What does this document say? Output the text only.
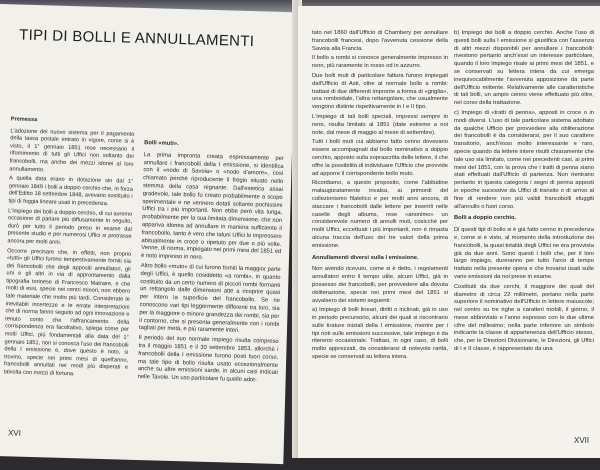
TIPI DI BOLLI E ANNULLAMENTI

Premessa

L'adozione del nuovo sistema per il pagamento della tassa postale entrato in vigore, come si è visto, il 1° gennaio 1851 rese necessario il rifornimento di tutti gli Uffici non soltanto dei francobolli, ma anche dei mezzi idonei al loro annullamento.

A quella data erano in dotazione sin dal 1° gennaio 1849 i bolli a doppio cerchio che, in forza dell'Editto 18 settembre 1848, avevano sostituito i tipi di foggia lineare usati in precedenza.

L'impiego dei bolli a doppio cerchio, di cui avremo occasione di parlare più diffusamente in seguito, durò per tutto il periodo preso in esame dal presente studio e per numerosi Uffici si protrasse ancora per molti anni.

Occorre precisare che, in effetti, non proprio «tutti» gli Uffici furono tempestivamente forniti sia dei francobolli che degli appositi annullatori, gli uni e gli altri in via di approntamento dalla tipografia torinese di Francesco Matraire, e che molti di essi, specie nei centri minori, non ebbero tale materiale che molto più tardi. Considerate le inevitabili incertezze e le errate interpretazioni che di norma fanno seguito ad ogni innovazione e tenuto conto che l'affrancamento della corrispondenza era facoltativo, spiega come per molti Uffici, più fondamentali alla data del 1° gennaio 1851, non si conosca l'uso dei francobolli della I emissione e, dove questo è noto, si trovino, specie nei primi mesi di quell'anno, francobolli annullati nei modi più disperati e talvolta con mezzi di fortuna.

Bolli «muti».

La prima impronta creata espressamente per annullare i francobolli della I emissione, si identifica con il «nodo di Savoia» o «nodo d'amore», così chiamato perchè riproducente il fregio situato nello stemma della casa regnante. Dall'estetica assai gradevole, tale bollo fu creato probabilmente a scopo sperimentale e ne vennero dotati soltanto pochissimi Uffici tra i più importanti. Non ebbe però vita lunga, probabilmente per la sua limitata dimensione, che non appariva idonea ad annullare in maniera sufficiente il francobollo, tanto è vero che taluni Uffici lo impressero abitualmente in croce o ripetuto per due o più volte. Venne, di norma, impiegato nei primi mesi del 1851 ed è noto impresso in nero.

Altro bollo «muto» di cui furono forniti la maggior parte degli Uffici, è quello cosiddetto «a rombi», in quanto costituito da un certo numero di piccoli rombi formanti un rettangolo dalle dimensioni atte a ricoprire quasi per intero la superficie del francobollo. Se ne conoscono vari tipi leggermente differenti tra loro, sia per la maggiore o minore grandezza dei rombi, sia per il contorno, che si presenta generalmente con i rombi tagliati per metà, e più raramente interi.

Il periodo del suo normale impiego risulta compreso tra il maggio 1851 e il 30 settembre 1853, allorchè i francobolli della I emissione furono posti fuori corso, ma tale tipo di bollo risulta usato eccezionalmente anche su altre emissioni sarde, in alcuni casi indicati nelle Tavole. Un uso particolare fu quello adot-

XVI

tato nel 1860 dall'Ufficio di Chambery per annullare francobolli francesi, dopo l'avvenuta cessione della Savoia alla Francia.

Il bollo a rombi si conosce generalmente impresso in nero, più raramente in rosso od in azzurro.

Due bolli muti di particolare fattura furono impiegati dall'Ufficio di Asti, oltre al normale bollo a rombi: trattasi di due differenti impronte a forma di «griglia», una romboidale, l'altra rettangolare, che usualmente vengono distinte rispettivamente in I e II tipo.

L'impiego di tali bolli speciali, impressi sempre in nero, risulta limitato al 1851 (date estreme a noi note, dal mese di maggio al mese di settembre).

Tutti i bolli muti cui abbiamo fatto cenno dovevano essere accompagnati dal bollo nominativo a doppio cerchio, apposto sulla soprascritta delle lettere, il che offre la possibilità di individuare l'Ufficio che provvide ad apporre il corrispondente bollo muto.

Ricordiamo, a questo proposito, come l'abitudine malauguratamente invalsa, ai primordi del collezionismo filatelico e per molti anni ancora, di staccare i francobolli dalle lettere per inserirli nelle caselle degli albums, rese «anonimo» un considerevole numero di annulli muti, cosicchè per molti Uffici, eccettuati i più importanti, non è rimasta alcuna traccia dell'uso dei tre valori della prima emissione.

Annullamenti diversi sulla I emissione.

Non avendo ricevuto, come si è detto, i regolamenti annullatori entro il tempo utile, alcuni Uffici, già in possesso dei francobolli, per provvedere alla dovuta obliterazione, specie nei primi mesi del 1851 si avvalsero dei sistemi seguenti:

a) Impiego di bolli lineari, diritti o inclinati, già in uso in periodo precursorio, alcuni dei quali si riscontrano sulle tirature iniziali della I emissione, mentre per i tipi noti sulle emissioni successive, tale impiego è da ritenersi occasionale. Trattasi, in ogni caso, di bolli molto apprezzati, da considerarsi di notevole rarità, specie se conservati su lettera intera.

b) Impiego dei bolli a doppio cerchio. Anche l'uso di questi bolli sulla I emissione si giustifica con l'assenza di altri mezzi disponibili per annullare i francobolli: rivestono pertanto anch'essi un interesse particolare, quando il loro impiego risale ai primi mesi del 1851, e se conservati su lettera intera da cui emerga inequivocabilmente l'avvenuta apposizione da parte dell'Ufficio mittente. Relativamente alle caratteristiche di tali bolli, un ampio cenno viene effettuato più oltre, nel corso della trattazione.

c) Impiego di «tratti di penna», apposti in croce o in modi diversi. L'uso di tale particolare sistema adottato da qualche Ufficio per provvedere alla obliterazione dei francobolli è da considerarsi, per il suo carattere transitorio, anch'esso molto interessante e raro, specie quando da lettere intere risulti chiaramente che tale uso sia limitato, come nei precedenti casi, ai primi mesi del 1851, con la prova che i tratti di penna siano stati effettuati dall'Ufficio di partenza. Non rientrano pertanto in questa categoria i segni di penna apposti in epoche sucessive da Uffici di transito o di arrivo al fine di rendere non più validi francobolli sfuggiti all'annullo o fuori corso.

Bolli a doppio cerchio.

Di questi tipi di bollo si è già fatto cenno in precedenza e, come si è visto, al momento della introduzione dei francobolli, la quasi totalità degli Uffici ne era provvista già da due anni. Sono questi i bolli che, per il loro largo impiego, dureranno per tutto l'arco di tempo trattato nella presente opera e che trovansi usati sulle varie emissioni da noi prese in esame.

Costituiti da due cerchi, il maggiore dei quali del diametro di circa 22 millimetri, portano nella parte superiore il nominativo dell'Ufficio in lettere maiuscole; nel centro su tre righe a caratteri mobili, il giorno, il mese abbreviato e l'anno espresso con le due ultime cifre del millesimo; nella parte inferiore un simbolo indicante la classe di appartenenza dell'Ufficio stesso, che, per le Direzioni Divisionarie, le Direzioni, gli Uffici di I e II classe, è rappresentato da una

XVII
